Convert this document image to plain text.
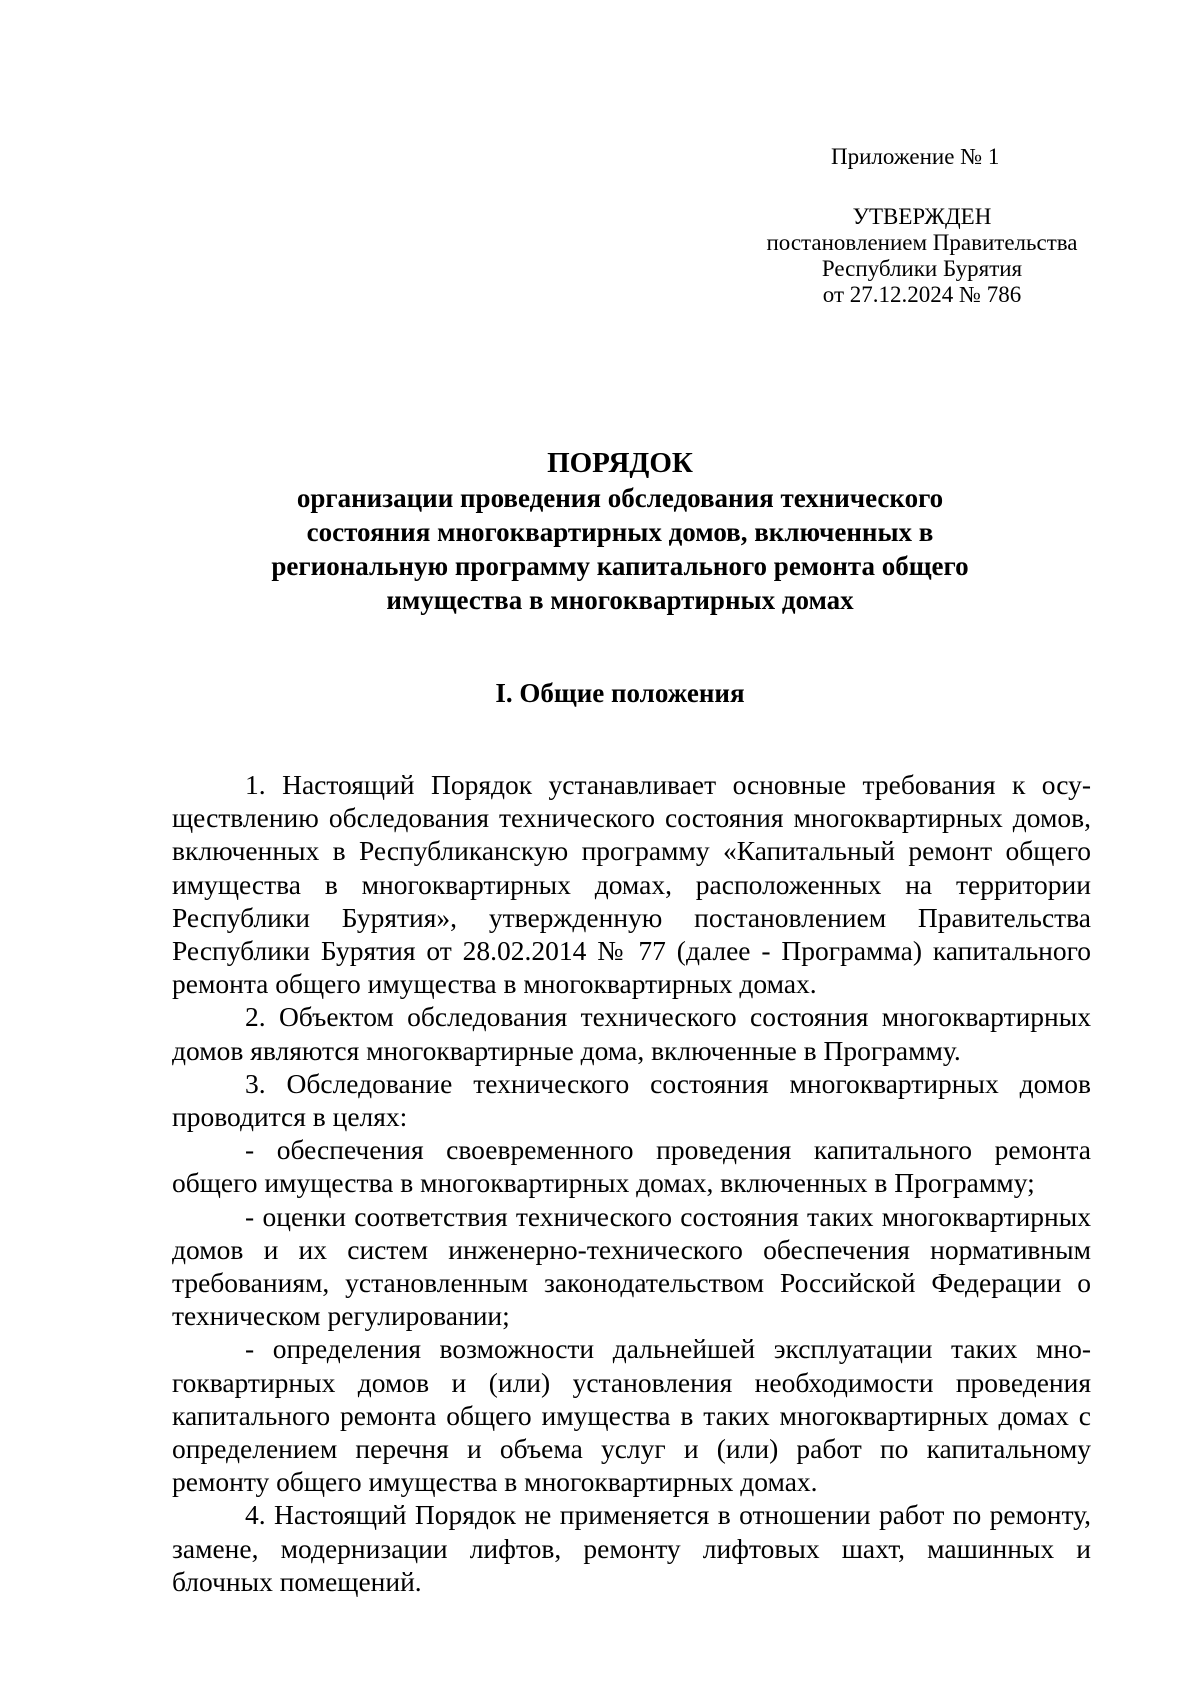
Приложение № 1
УТВЕРЖДЕН
постановлением Правительства
Республики Бурятия
от 27.12.2024 № 786
ПОРЯДОК
организации проведения обследования технического
состояния многоквартирных домов, включенных в
региональную программу капитального ремонта общего
имущества в многоквартирных домах
I. Общие положения

1. Настоящий Порядок устанавливает основные требования к осуществлению обследования технического состояния многоквартирных домов, включенных в Республиканскую программу «Капитальный ремонт общего имущества в многоквартирных домах, расположенных на территории Республики Бурятия», утвержденную постановлением Правительства Республики Бурятия от 28.02.2014 № 77 (далее - Программа) капитального ремонта общего имущества в многоквартирных домах.

2. Объектом обследования технического состояния многоквартирных домов являются многоквартирные дома, включенные в Программу.

3. Обследование технического состояния многоквартирных домов проводится в целях:

- обеспечения своевременного проведения капитального ремонта общего имущества в многоквартирных домах, включенных в Программу;

- оценки соответствия технического состояния таких многоквартирных домов и их систем инженерно-технического обеспечения нормативным требованиям, установленным законодательством Российской Федерации о техническом регулировании;

- определения возможности дальнейшей эксплуатации таких многоквартирных домов и (или) установления необходимости проведения капитального ремонта общего имущества в таких многоквартирных домах с определением перечня и объема услуг и (или) работ по капитальному ремонту общего имущества в многоквартирных домах.

4. Настоящий Порядок не применяется в отношении работ по ремонту, замене, модернизации лифтов, ремонту лифтовых шахт, машинных и блочных помещений.
